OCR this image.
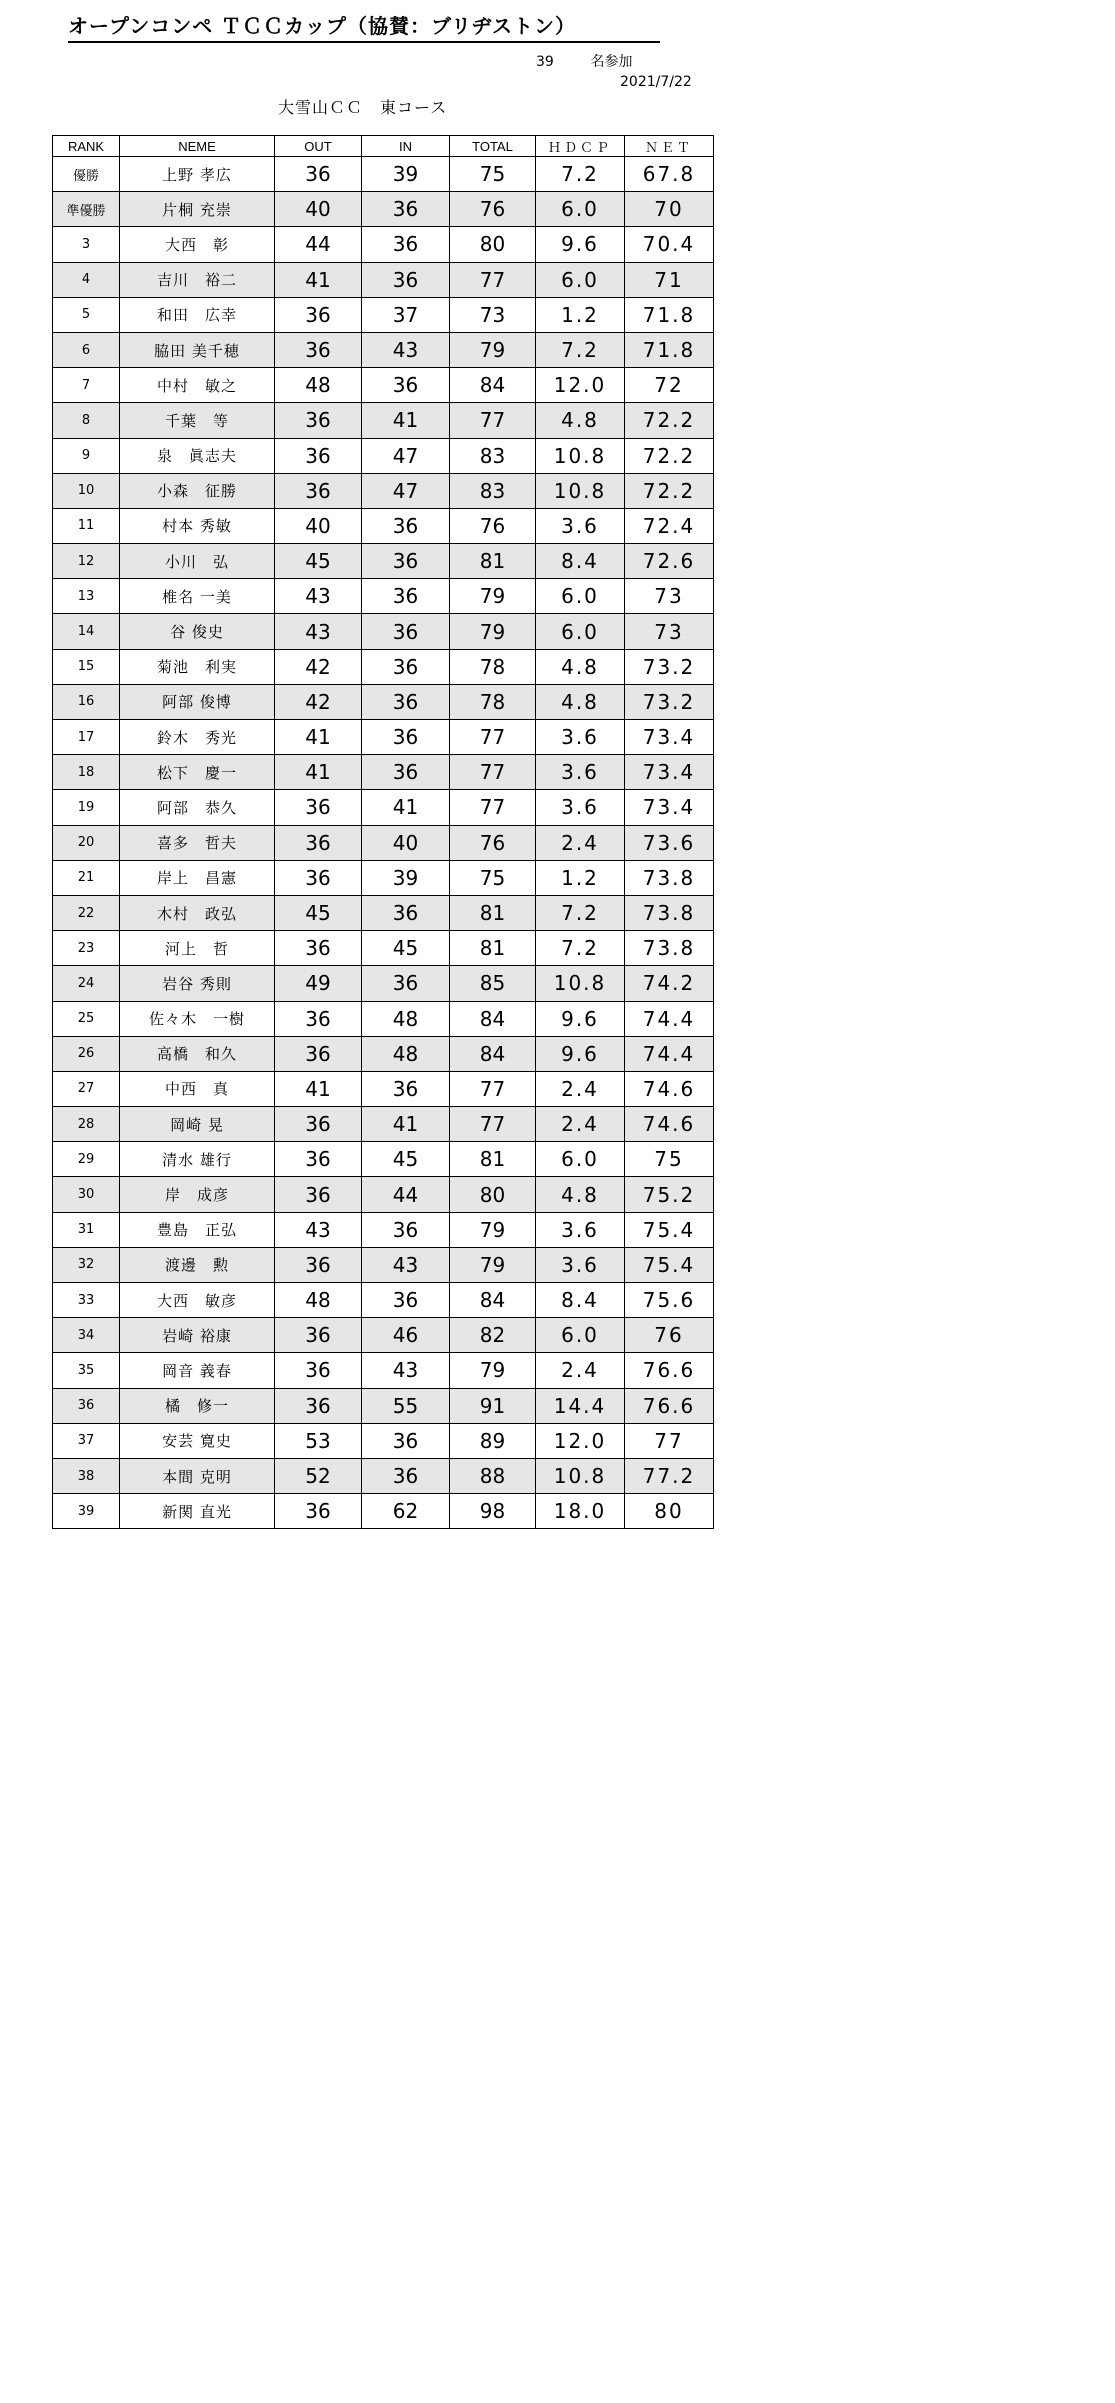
オープンコンペ ＴＣＣカップ（協賛：ブリヂストン）
39	名参加
2021/7/22
大雪山ＣＣ　東コース
RANK	NEME	OUT	IN	TOTAL	ＨＤＣＰ	ＮＥＴ
優勝	上野 孝広	36	39	75	7.2	67.8
準優勝	片桐 充崇	40	36	76	6.0	70
3	大西　彰	44	36	80	9.6	70.4
4	吉川　裕二	41	36	77	6.0	71
5	和田　広幸	36	37	73	1.2	71.8
6	脇田 美千穂	36	43	79	7.2	71.8
7	中村　敏之	48	36	84	12.0	72
8	千葉　等	36	41	77	4.8	72.2
9	泉　眞志夫	36	47	83	10.8	72.2
10	小森　征勝	36	47	83	10.8	72.2
11	村本 秀敏	40	36	76	3.6	72.4
12	小川　弘	45	36	81	8.4	72.6
13	椎名 一美	43	36	79	6.0	73
14	谷 俊史	43	36	79	6.0	73
15	菊池　利実	42	36	78	4.8	73.2
16	阿部 俊博	42	36	78	4.8	73.2
17	鈴木　秀光	41	36	77	3.6	73.4
18	松下　慶一	41	36	77	3.6	73.4
19	阿部　恭久	36	41	77	3.6	73.4
20	喜多　哲夫	36	40	76	2.4	73.6
21	岸上　昌憲	36	39	75	1.2	73.8
22	木村　政弘	45	36	81	7.2	73.8
23	河上　哲	36	45	81	7.2	73.8
24	岩谷 秀則	49	36	85	10.8	74.2
25	佐々木　一樹	36	48	84	9.6	74.4
26	高橋　和久	36	48	84	9.6	74.4
27	中西　真	41	36	77	2.4	74.6
28	岡崎 晃	36	41	77	2.4	74.6
29	清水 雄行	36	45	81	6.0	75
30	岸　成彦	36	44	80	4.8	75.2
31	豊島　正弘	43	36	79	3.6	75.4
32	渡邊　勲	36	43	79	3.6	75.4
33	大西　敏彦	48	36	84	8.4	75.6
34	岩崎 裕康	36	46	82	6.0	76
35	岡音 義春	36	43	79	2.4	76.6
36	橘　修一	36	55	91	14.4	76.6
37	安芸 寛史	53	36	89	12.0	77
38	本間 克明	52	36	88	10.8	77.2
39	新関 直光	36	62	98	18.0	80
